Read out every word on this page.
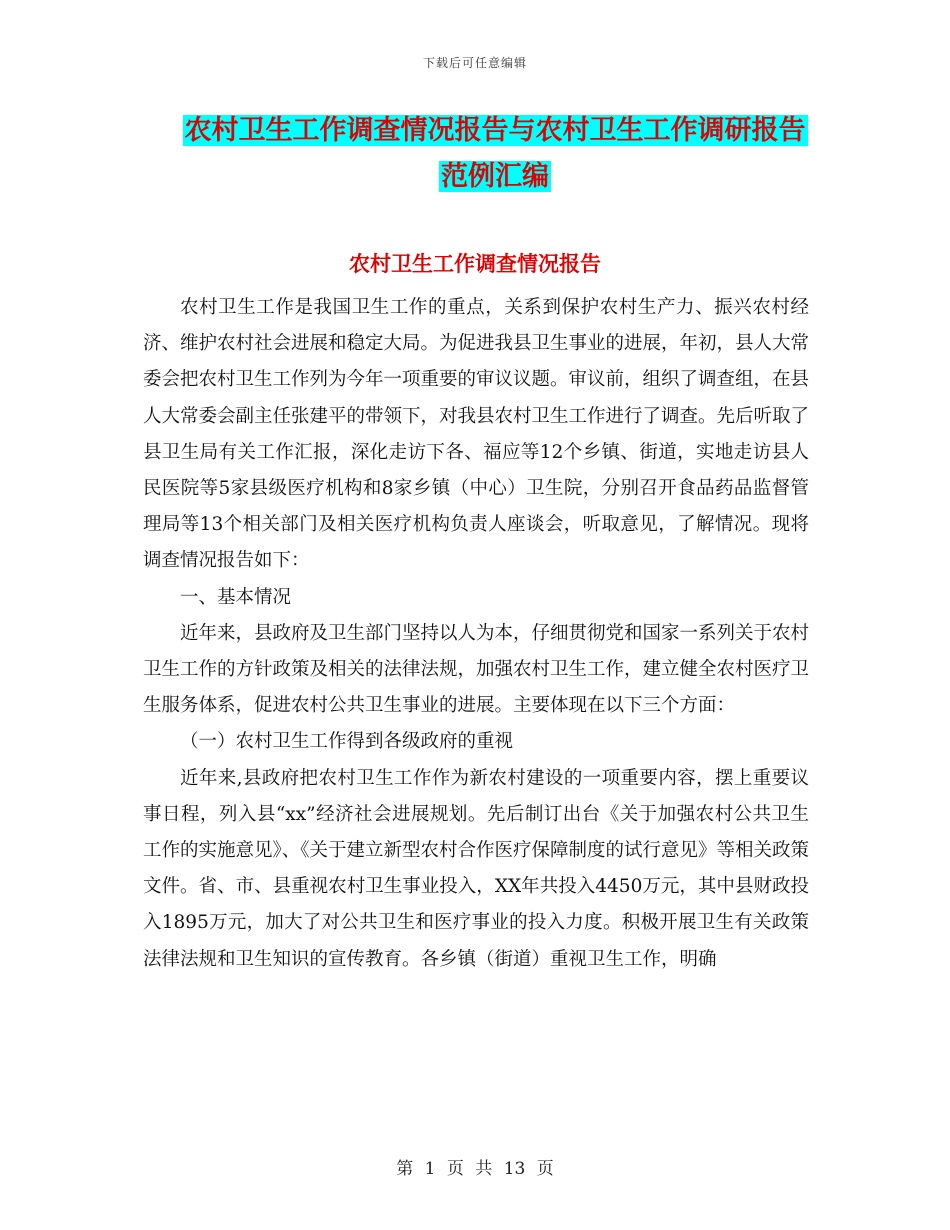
下载后可任意编辑
农村卫生工作调查情况报告与农村卫生工作调研报告
范例汇编
农村卫生工作调查情况报告

农村卫生工作是我国卫生工作的重点，关系到保护农村生产力、振兴农村经济、维护农村社会进展和稳定大局。为促进我县卫生事业的进展，年初，县人大常委会把农村卫生工作列为今年一项重要的审议议题。审议前，组织了调查组，在县人大常委会副主任张建平的带领下，对我县农村卫生工作进行了调查。先后听取了县卫生局有关工作汇报，深化走访下各、福应等12个乡镇、街道，实地走访县人民医院等5家县级医疗机构和8家乡镇（中心）卫生院，分别召开食品药品监督管理局等13个相关部门及相关医疗机构负责人座谈会，听取意见，了解情况。现将调查情况报告如下：

一、基本情况

近年来，县政府及卫生部门坚持以人为本，仔细贯彻党和国家一系列关于农村卫生工作的方针政策及相关的法律法规，加强农村卫生工作，建立健全农村医疗卫生服务体系，促进农村公共卫生事业的进展。主要体现在以下三个方面：

（一）农村卫生工作得到各级政府的重视

近年来,县政府把农村卫生工作作为新农村建设的一项重要内容，摆上重要议事日程，列入县“xx”经济社会进展规划。先后制订出台《关于加强农村公共卫生工作的实施意见》、《关于建立新型农村合作医疗保障制度的试行意见》等相关政策文件。省、市、县重视农村卫生事业投入，XX年共投入4450万元，其中县财政投入1895万元，加大了对公共卫生和医疗事业的投入力度。积极开展卫生有关政策法律法规和卫生知识的宣传教育。各乡镇（街道）重视卫生工作，明确

第 1 页 共 13 页
